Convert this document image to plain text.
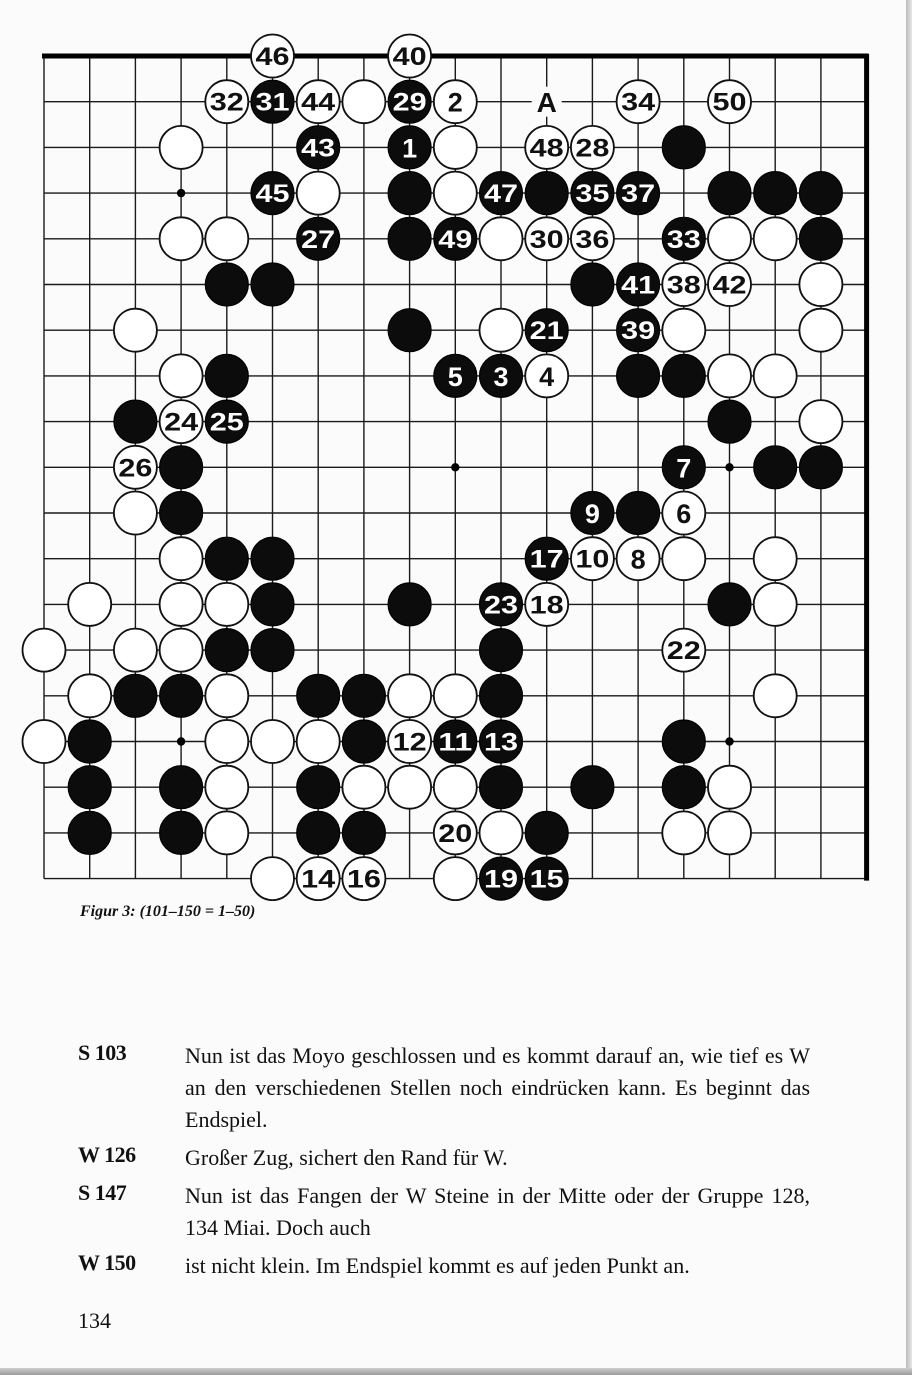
46	40
32 44	2	34 50
48 28
30 36
38 42
4
24
26
6
10 8
18
22
12
20
14 16
31	29
43 1
45	47 35 37
27	49	33
41
21 39
5 3
25
7
9
17
23
11 13
19 15
A
Figur 3: (101–150 = 1–50)
S 103	Nun ist das Moyo geschlossen und es kommt darauf an, wie tief es W an den verschiedenen Stellen noch eindrücken kann. Es beginnt das Endspiel.
W 126	Großer Zug, sichert den Rand für W.
S 147	Nun ist das Fangen der W Steine in der Mitte oder der Gruppe 128, 134 Miai. Doch auch
W 150	ist nicht klein. Im Endspiel kommt es auf jeden Punkt an.
134
